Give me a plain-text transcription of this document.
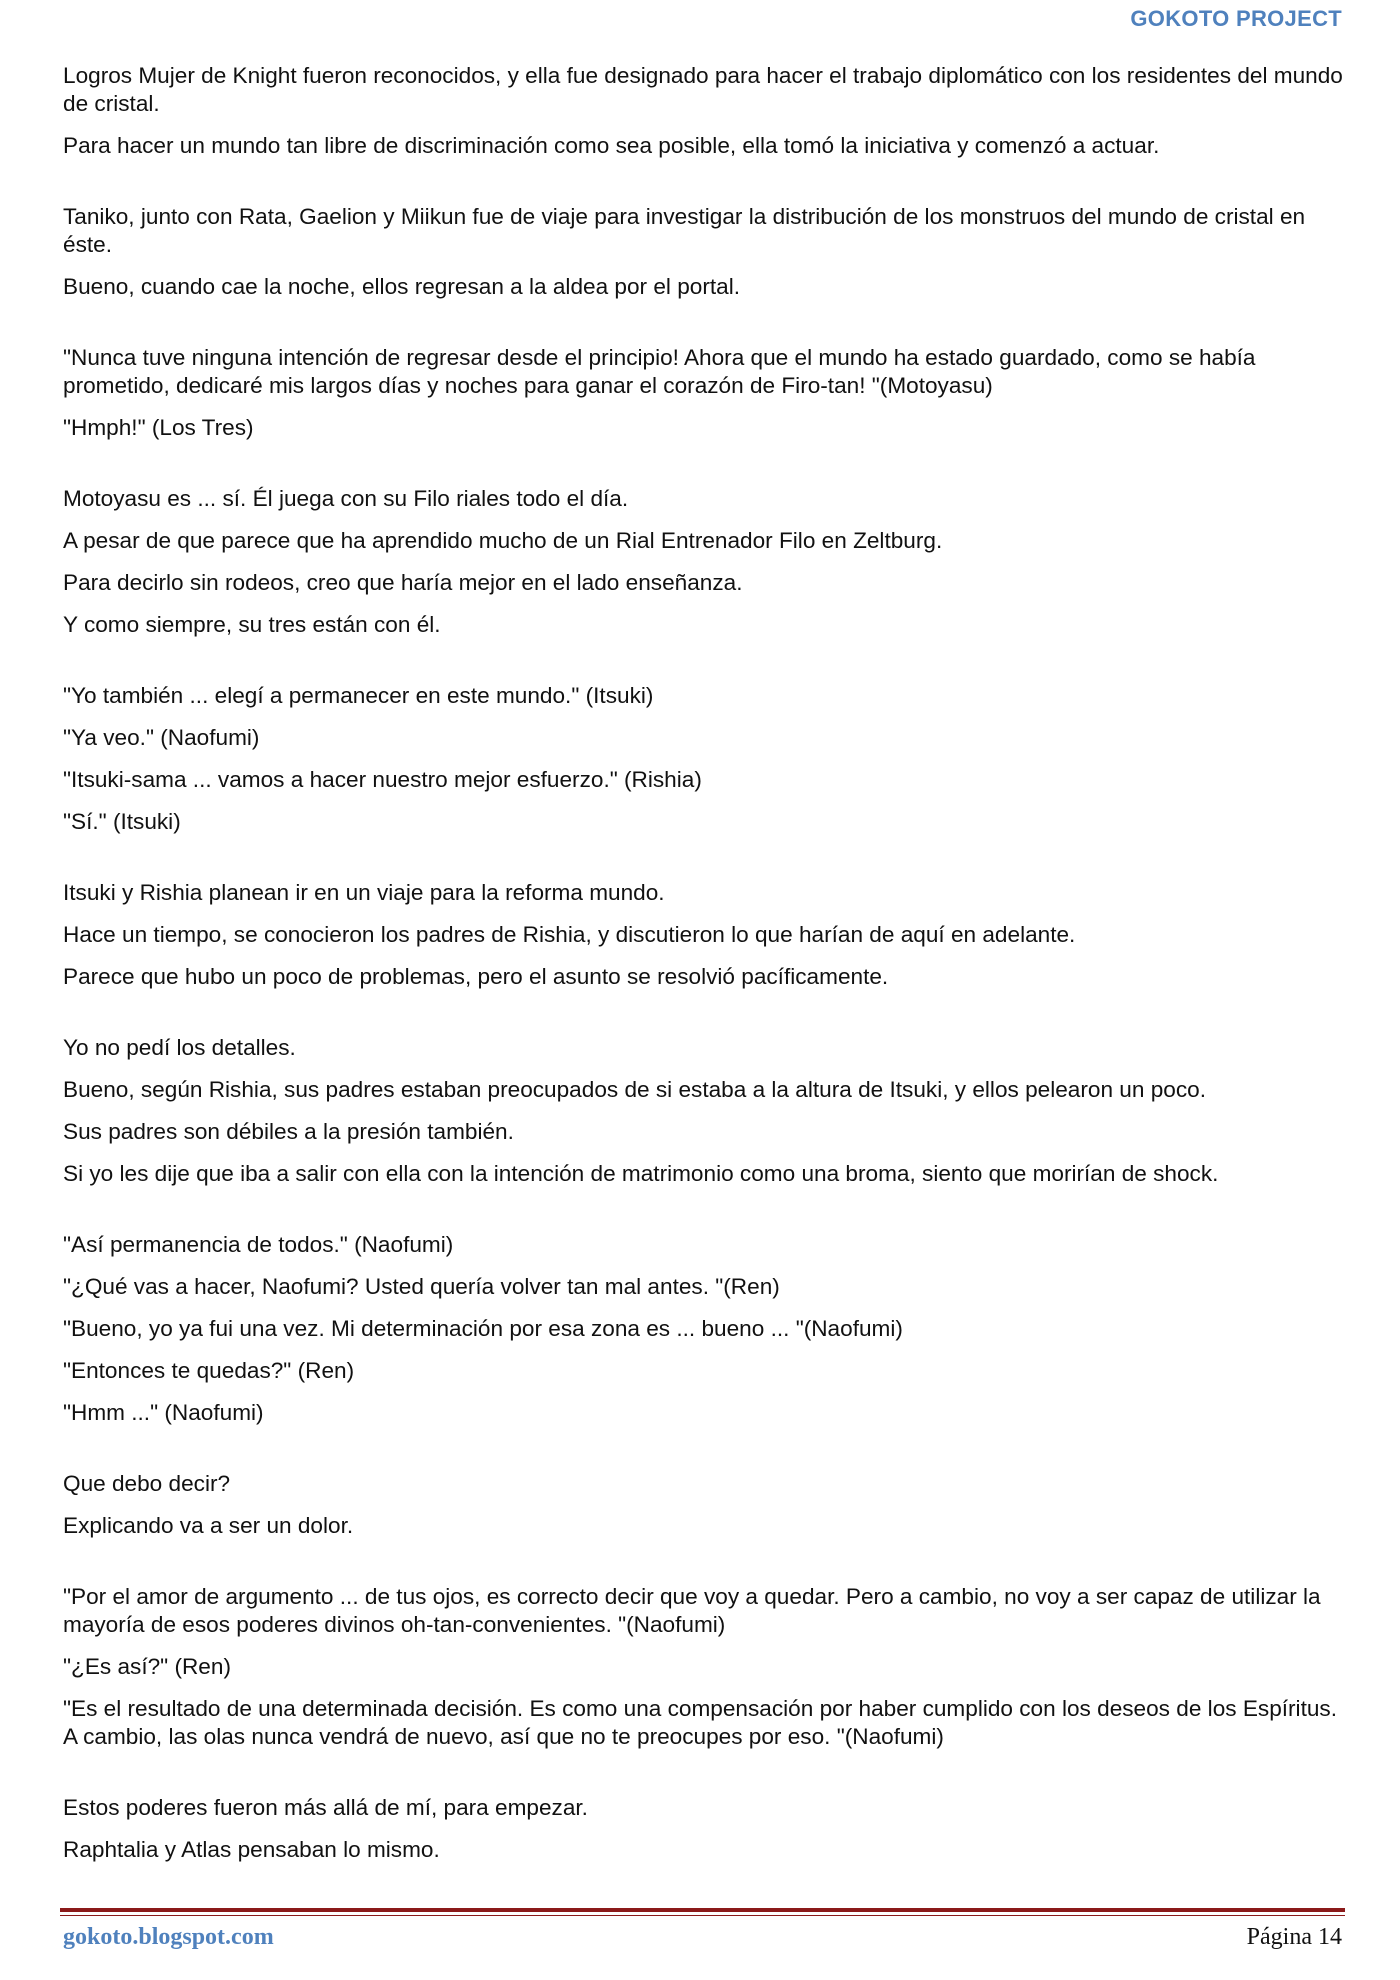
GOKOTO PROJECT

Logros Mujer de Knight fueron reconocidos, y ella fue designado para hacer el trabajo diplomático con los residentes del mundo de cristal.

Para hacer un mundo tan libre de discriminación como sea posible, ella tomó la iniciativa y comenzó a actuar.

Taniko, junto con Rata, Gaelion y Miikun fue de viaje para investigar la distribución de los monstruos del mundo de cristal en éste.

Bueno, cuando cae la noche, ellos regresan a la aldea por el portal.

"Nunca tuve ninguna intención de regresar desde el principio! Ahora que el mundo ha estado guardado, como se había prometido, dedicaré mis largos días y noches para ganar el corazón de Firo-tan! "(Motoyasu)

"Hmph!" (Los Tres)

Motoyasu es ... sí. Él juega con su Filo riales todo el día.

A pesar de que parece que ha aprendido mucho de un Rial Entrenador Filo en Zeltburg.

Para decirlo sin rodeos, creo que haría mejor en el lado enseñanza.

Y como siempre, su tres están con él.

"Yo también ... elegí a permanecer en este mundo." (Itsuki)

"Ya veo." (Naofumi)

"Itsuki-sama ... vamos a hacer nuestro mejor esfuerzo." (Rishia)

"Sí." (Itsuki)

Itsuki y Rishia planean ir en un viaje para la reforma mundo.

Hace un tiempo, se conocieron los padres de Rishia, y discutieron lo que harían de aquí en adelante.

Parece que hubo un poco de problemas, pero el asunto se resolvió pacíficamente.

Yo no pedí los detalles.

Bueno, según Rishia, sus padres estaban preocupados de si estaba a la altura de Itsuki, y ellos pelearon un poco.

Sus padres son débiles a la presión también.

Si yo les dije que iba a salir con ella con la intención de matrimonio como una broma, siento que morirían de shock.

"Así permanencia de todos." (Naofumi)

"¿Qué vas a hacer, Naofumi? Usted quería volver tan mal antes. "(Ren)

"Bueno, yo ya fui una vez. Mi determinación por esa zona es ... bueno ... "(Naofumi)

"Entonces te quedas?" (Ren)

"Hmm ..." (Naofumi)

Que debo decir?

Explicando va a ser un dolor.

"Por el amor de argumento ... de tus ojos, es correcto decir que voy a quedar. Pero a cambio, no voy a ser capaz de utilizar la mayoría de esos poderes divinos oh-tan-convenientes. "(Naofumi)

"¿Es así?" (Ren)

"Es el resultado de una determinada decisión. Es como una compensación por haber cumplido con los deseos de los Espíritus. A cambio, las olas nunca vendrá de nuevo, así que no te preocupes por eso. "(Naofumi)

Estos poderes fueron más allá de mí, para empezar.

Raphtalia y Atlas pensaban lo mismo.

gokoto.blogspot.com	Página 14
